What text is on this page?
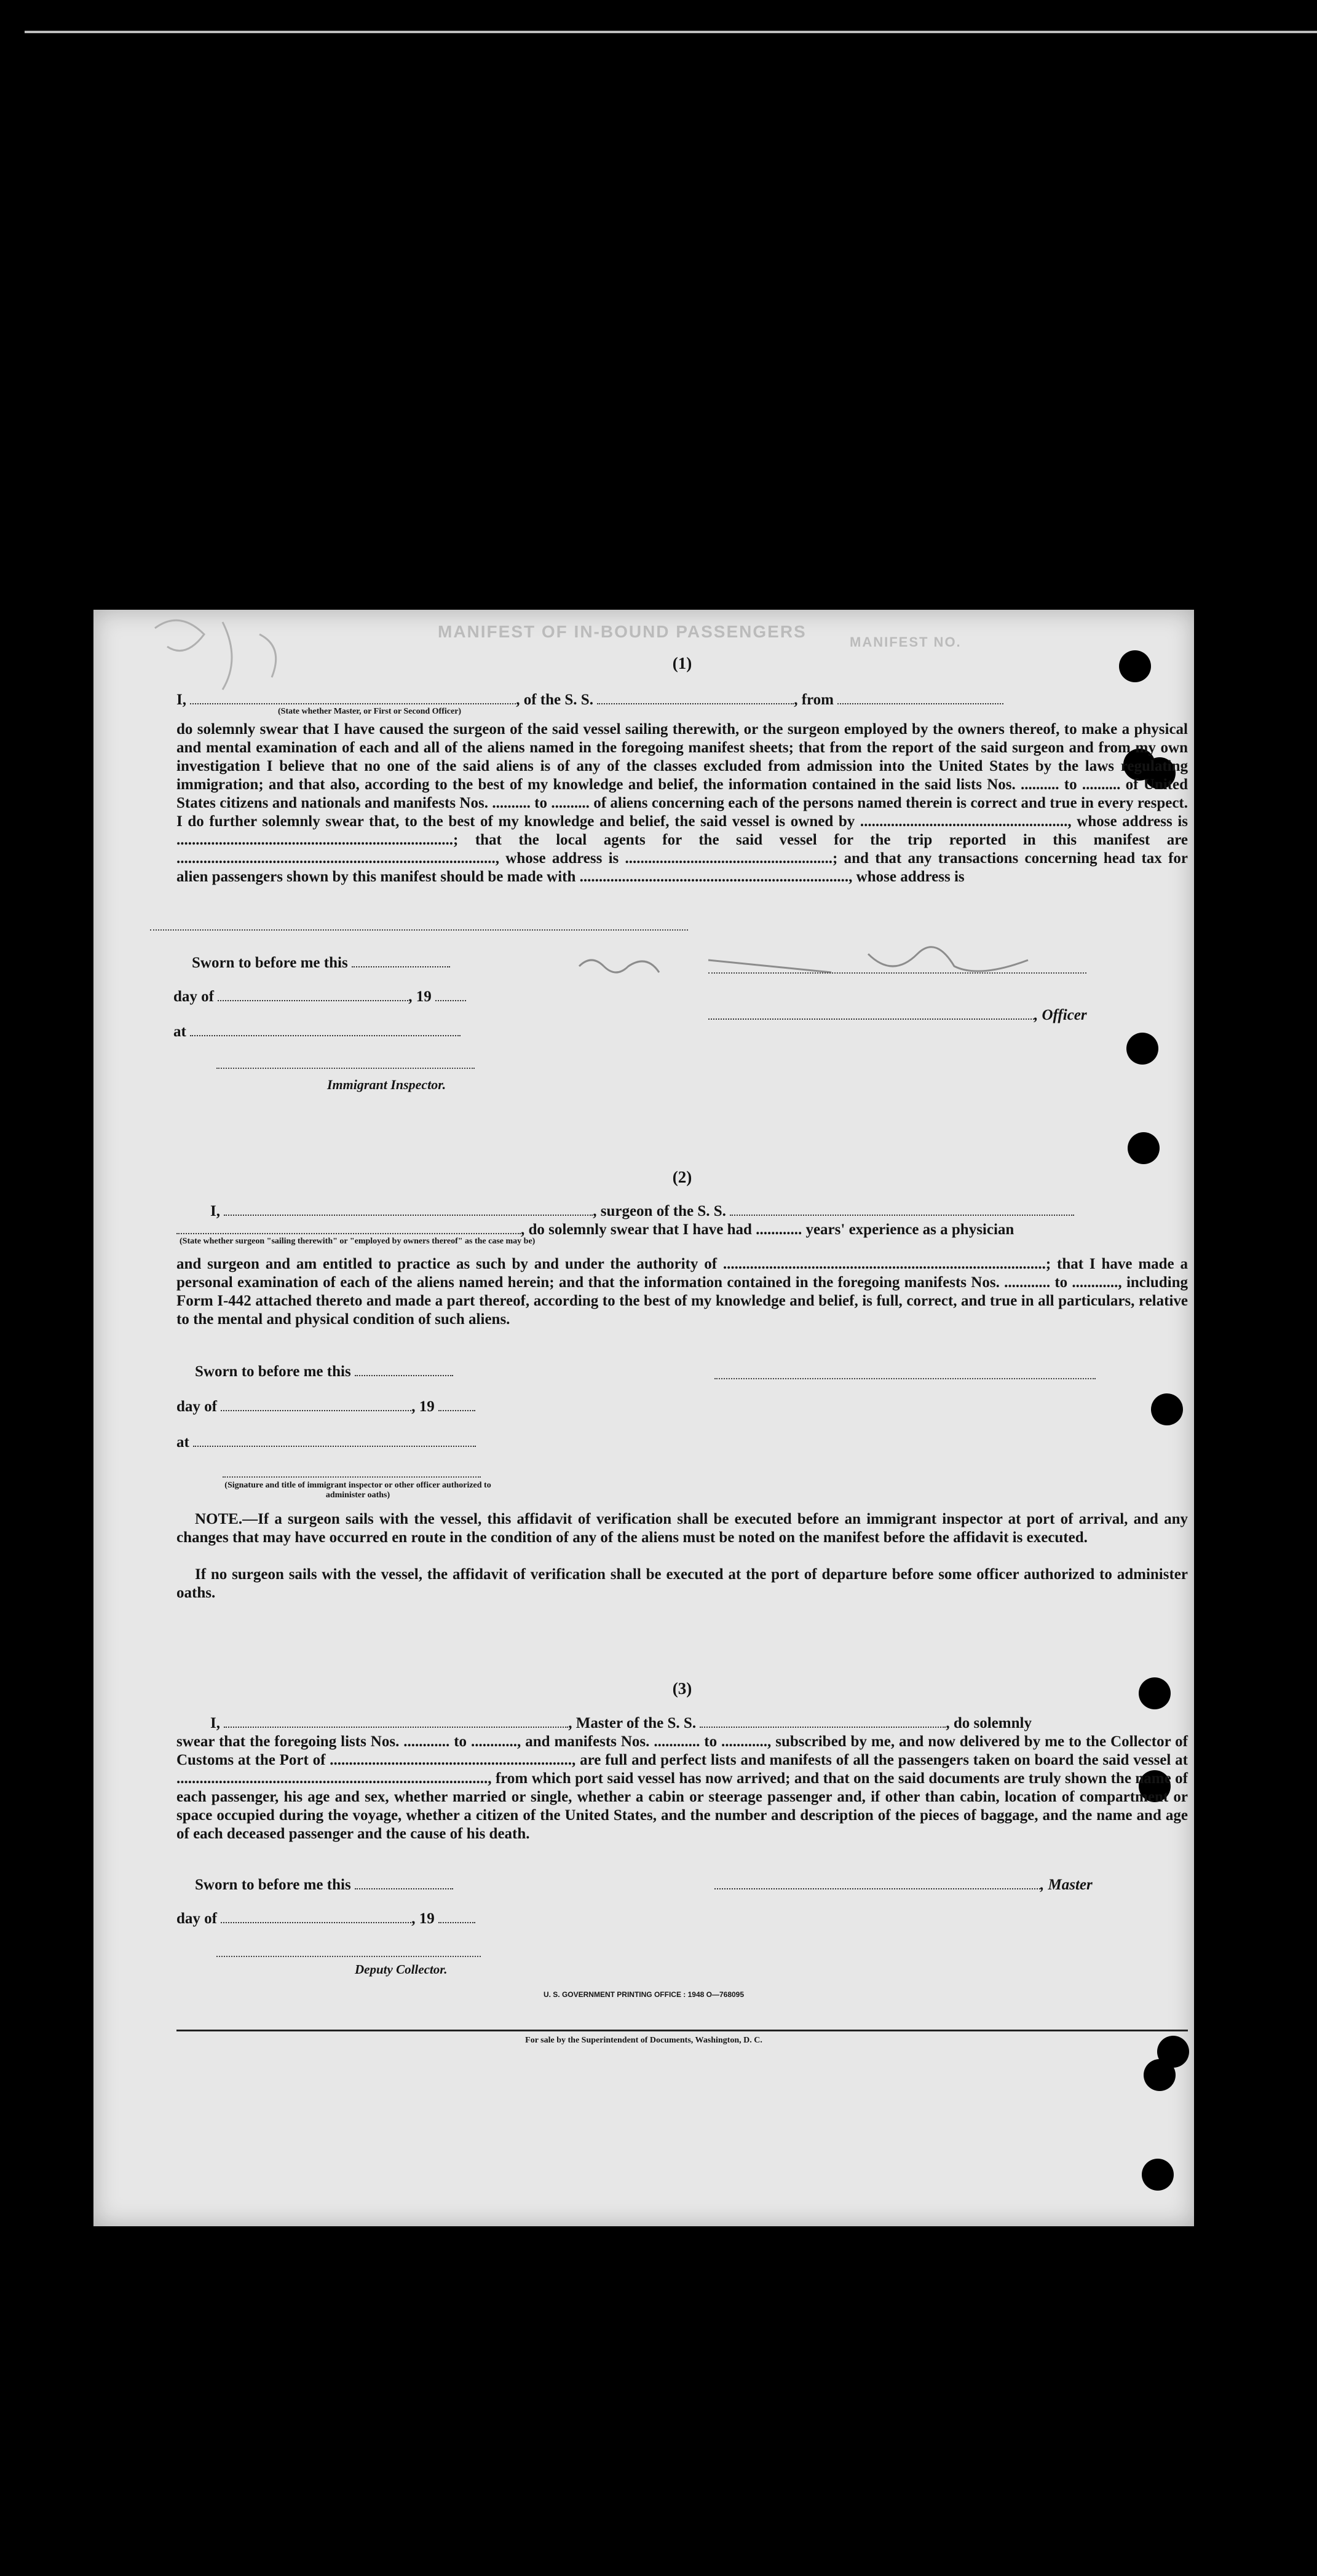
MANIFEST OF IN-BOUND PASSENGERS
MANIFEST NO.
(1)
I,	, of the S. S.	, from
(State whether Master, or First or Second Officer)
do solemnly swear that I have caused the surgeon of the said vessel sailing therewith, or the surgeon employed by the owners thereof, to make a physical and mental examination of each and all of the aliens named in the foregoing manifest sheets; that from the report of the said surgeon and from my own investigation I believe that no one of the said aliens is of any of the classes excluded from admission into the United States by the laws regulating immigration; and that also, according to the best of my knowledge and belief, the information contained in the said lists Nos. .......... to .......... of United States citizens and nationals and manifests Nos. .......... to .......... of aliens concerning each of the persons named therein is correct and true in every respect. I do further solemnly swear that, to the best of my knowledge and belief, the said vessel is owned by ......................................................, whose address is ........................................................................; that the local agents for the said vessel for the trip reported in this manifest are ..................................................................................., whose address is ......................................................; and that any transactions concerning head tax for alien passengers shown by this manifest should be made with ......................................................................, whose address is
Sworn to before me this
day of	, 19
, Officer
at
Immigrant Inspector.
(2)
I,	, surgeon of the S. S.
, do solemnly swear that I have had ............ years' experience as a physician
(State whether surgeon "sailing therewith" or "employed by owners thereof" as the case may be)
and surgeon and am entitled to practice as such by and under the authority of ....................................................................................; that I have made a personal examination of each of the aliens named herein; and that the information contained in the foregoing manifests Nos. ............ to ............, including Form I-442 attached thereto and made a part thereof, according to the best of my knowledge and belief, is full, correct, and true in all particulars, relative to the mental and physical condition of such aliens.
Sworn to before me this
day of	, 19
at
(Signature and title of immigrant inspector or other officer authorized to administer oaths)
NOTE.—If a surgeon sails with the vessel, this affidavit of verification shall be executed before an immigrant inspector at port of arrival, and any changes that may have occurred en route in the condition of any of the aliens must be noted on the manifest before the affidavit is executed.
If no surgeon sails with the vessel, the affidavit of verification shall be executed at the port of departure before some officer authorized to administer oaths.
(3)
I,	, Master of the S. S.	, do solemnly
swear that the foregoing lists Nos. ............ to ............, and manifests Nos. ............ to ............, subscribed by me, and now delivered by me to the Collector of Customs at the Port of ..............................................................., are full and perfect lists and manifests of all the passengers taken on board the said vessel at ................................................................................., from which port said vessel has now arrived; and that on the said documents are truly shown the name of each passenger, his age and sex, whether married or single, whether a cabin or steerage passenger and, if other than cabin, location of compartment or space occupied during the voyage, whether a citizen of the United States, and the number and description of the pieces of baggage, and the name and age of each deceased passenger and the cause of his death.
Sworn to before me this	, Master
day of	, 19
Deputy Collector.
U. S. GOVERNMENT PRINTING OFFICE : 1948 O—768095
For sale by the Superintendent of Documents, Washington, D. C.
